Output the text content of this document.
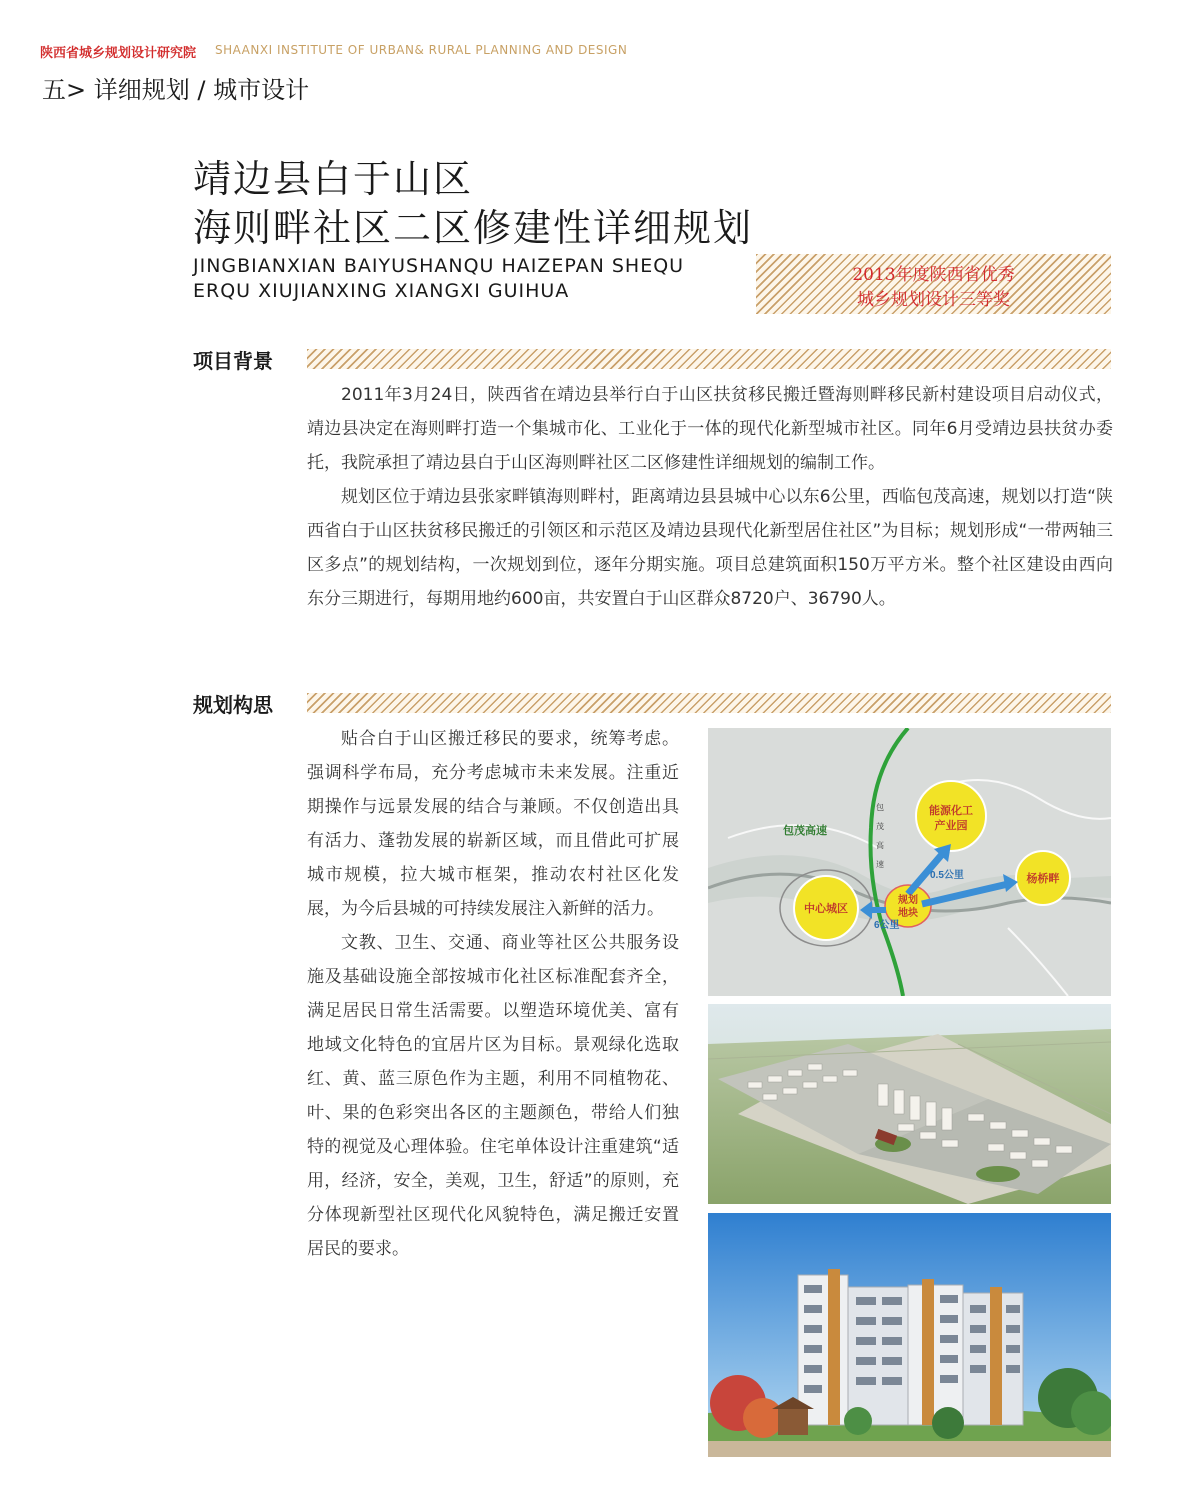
陕西省城乡规划设计研究院 SHAANXI INSTITUTE OF URBAN& RURAL PLANNING AND DESIGN
五> 详细规划 / 城市设计
靖边县白于山区
海则畔社区二区修建性详细规划
JINGBIANXIAN BAIYUSHANQU HAIZEPAN SHEQU
ERQU XIUJIANXING XIANGXI GUIHUA
2013年度陕西省优秀
城乡规划设计三等奖
项目背景

2011年3月24日，陕西省在靖边县举行白于山区扶贫移民搬迁暨海则畔移民新村建设项目启动仪式，靖边县决定在海则畔打造一个集城市化、工业化于一体的现代化新型城市社区。同年6月受靖边县扶贫办委托，我院承担了靖边县白于山区海则畔社区二区修建性详细规划的编制工作。

规划区位于靖边县张家畔镇海则畔村，距离靖边县县城中心以东6公里，西临包茂高速，规划以打造“陕西省白于山区扶贫移民搬迁的引领区和示范区及靖边县现代化新型居住社区”为目标；规划形成“一带两轴三区多点”的规划结构，一次规划到位，逐年分期实施。项目总建筑面积150万平方米。整个社区建设由西向东分三期进行，每期用地约600亩，共安置白于山区群众8720户、36790人。

规划构思

贴合白于山区搬迁移民的要求，统筹考虑。强调科学布局，充分考虑城市未来发展。注重近期操作与远景发展的结合与兼顾。不仅创造出具有活力、蓬勃发展的崭新区域，而且借此可扩展城市规模，拉大城市框架，推动农村社区化发展，为今后县城的可持续发展注入新鲜的活力。

文教、卫生、交通、商业等社区公共服务设施及基础设施全部按城市化社区标准配套齐全，满足居民日常生活需要。以塑造环境优美、富有地域文化特色的宜居片区为目标。景观绿化选取红、黄、蓝三原色作为主题，利用不同植物花、叶、果的色彩突出各区的主题颜色，带给人们独特的视觉及心理体验。住宅单体设计注重建筑“适用，经济，安全，美观，卫生，舒适”的原则，充分体现新型社区现代化风貌特色，满足搬迁安置居民的要求。

包茂高速
包
茂
高
速
能源化工
产业园
中心城区
规划
地块
杨桥畔
0.5公里
6公里
